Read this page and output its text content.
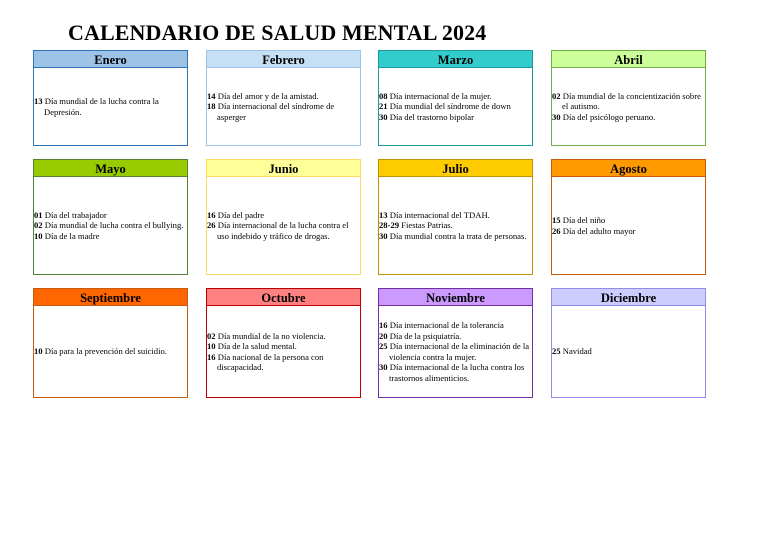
CALENDARIO DE SALUD MENTAL 2024
Enero
13 Día mundial de la lucha contra la Depresión.
Febrero
14 Día del amor y de la amistad.
18 Día internacional del síndrome de asperger
Marzo
08 Día internacional de la mujer.
21 Día mundial del síndrome de down
30 Día del trastorno bipolar
Abril
02 Día mundial de la concientización sobre el autismo.
30 Día del psicólogo peruano.
Mayo
01 Día del trabajador
02 Día mundial de lucha contra el bullying.
10 Día de la madre
Junio
16 Día del padre
26 Día internacional de la lucha contra el uso indebido y tráfico de drogas.
Julio
13 Día internacional del TDAH.
28-29 Fiestas Patrias.
30 Día mundial contra la trata de personas.
Agosto
15 Día del niño
26 Día del adulto mayor
Septiembre
10 Día para la prevención del suicidio.
Octubre
02 Día mundial de la no violencia.
10 Día de la salud mental.
16 Día nacional de la persona con discapacidad.
Noviembre
16 Día internacional de la tolerancia
20 Día de la psiquiatría.
25 Día internacional de la eliminación de la violencia contra la mujer.
30 Día internacional de la lucha contra los trastornos alimenticios.
Diciembre
25 Navidad
